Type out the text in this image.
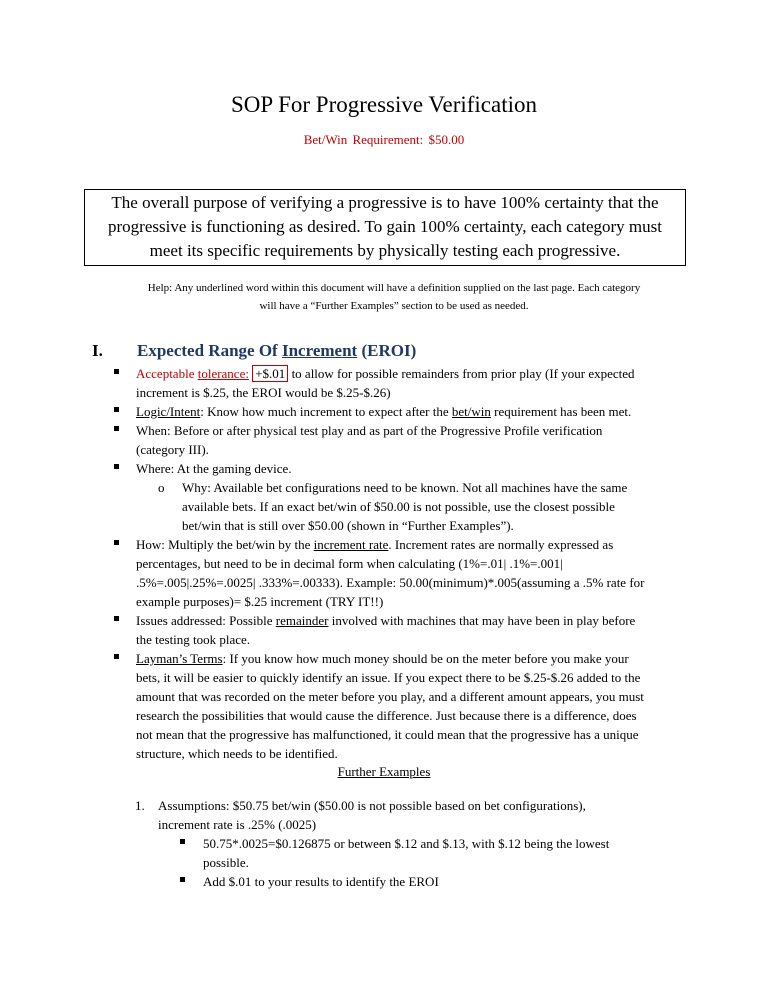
SOP For Progressive Verification
Bet/Win Requirement: $50.00
The overall purpose of verifying a progressive is to have 100% certainty that the
progressive is functioning as desired. To gain 100% certainty, each category must
meet its specific requirements by physically testing each progressive.
Help: Any underlined word within this document will have a definition supplied on the last page. Each category
will have a “Further Examples” section to be used as needed.
I. Expected Range Of Increment (EROI)
Acceptable tolerance: +$.01 to allow for possible remainders from prior play (If your expected
increment is $.25, the EROI would be $.25-$.26)
Logic/Intent: Know how much increment to expect after the bet/win requirement has been met.
When: Before or after physical test play and as part of the Progressive Profile verification
(category III).
Where: At the gaming device.
o Why: Available bet configurations need to be known. Not all machines have the same
available bets. If an exact bet/win of $50.00 is not possible, use the closest possible
bet/win that is still over $50.00 (shown in “Further Examples”).
How: Multiply the bet/win by the increment rate. Increment rates are normally expressed as
percentages, but need to be in decimal form when calculating (1%=.01| .1%=.001|
.5%=.005|.25%=.0025| .333%=.00333). Example: 50.00(minimum)*.005(assuming a .5% rate for
example purposes)= $.25 increment (TRY IT!!)
Issues addressed: Possible remainder involved with machines that may have been in play before
the testing took place.
Layman’s Terms: If you know how much money should be on the meter before you make your
bets, it will be easier to quickly identify an issue. If you expect there to be $.25-$.26 added to the
amount that was recorded on the meter before you play, and a different amount appears, you must
research the possibilities that would cause the difference. Just because there is a difference, does
not mean that the progressive has malfunctioned, it could mean that the progressive has a unique
structure, which needs to be identified.
Further Examples
1. Assumptions: $50.75 bet/win ($50.00 is not possible based on bet configurations),
increment rate is .25% (.0025)
50.75*.0025=$0.126875 or between $.12 and $.13, with $.12 being the lowest
possible.
Add $.01 to your results to identify the EROI
